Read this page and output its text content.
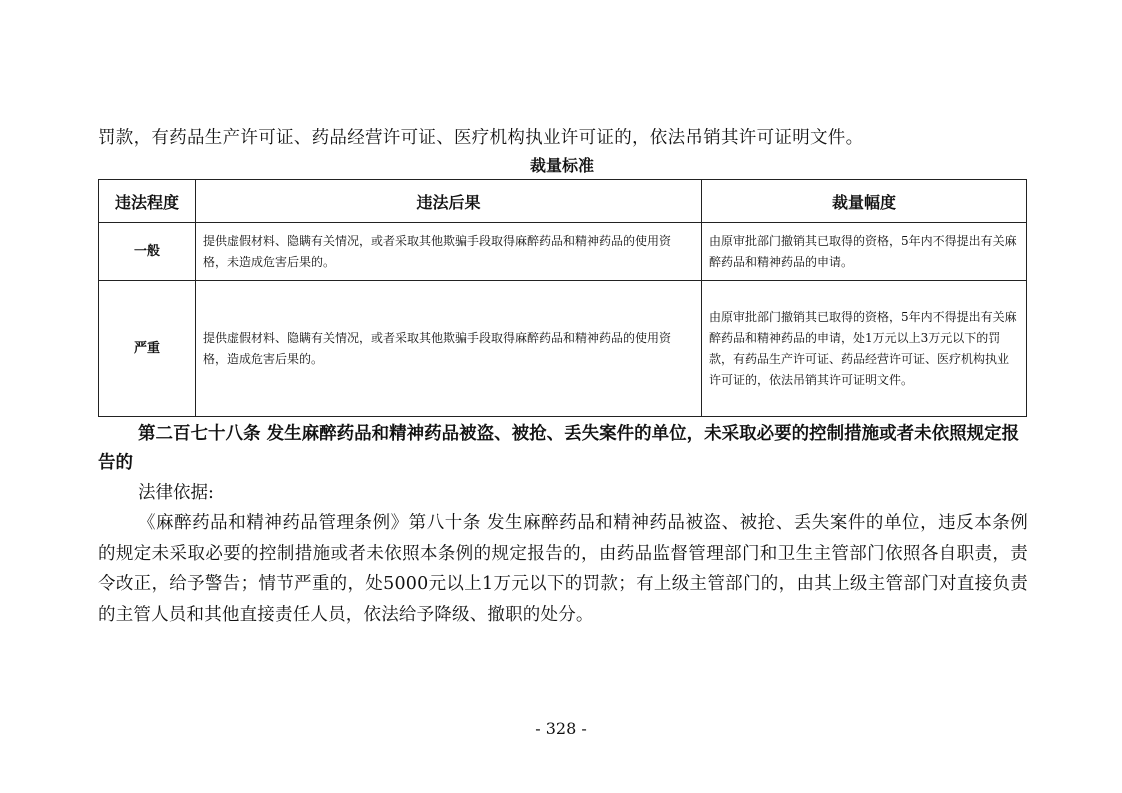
罚款，有药品生产许可证、药品经营许可证、医疗机构执业许可证的，依法吊销其许可证明文件。

裁量标准
违法程度	违法后果	裁量幅度
一般	提供虚假材料、隐瞒有关情况，或者采取其他欺骗手段取得麻醉药品和精神药品的使用资格，未造成危害后果的。	由原审批部门撤销其已取得的资格，5年内不得提出有关麻醉药品和精神药品的申请。
严重	提供虚假材料、隐瞒有关情况，或者采取其他欺骗手段取得麻醉药品和精神药品的使用资格，造成危害后果的。	由原审批部门撤销其已取得的资格，5年内不得提出有关麻醉药品和精神药品的申请，处1万元以上3万元以下的罚款，有药品生产许可证、药品经营许可证、医疗机构执业许可证的，依法吊销其许可证明文件。

第二百七十八条 发生麻醉药品和精神药品被盗、被抢、丢失案件的单位，未采取必要的控制措施或者未依照规定报告的

法律依据:

《麻醉药品和精神药品管理条例》第八十条 发生麻醉药品和精神药品被盗、被抢、丢失案件的单位，违反本条例的规定未采取必要的控制措施或者未依照本条例的规定报告的，由药品监督管理部门和卫生主管部门依照各自职责，责令改正，给予警告；情节严重的，处5000元以上1万元以下的罚款；有上级主管部门的，由其上级主管部门对直接负责的主管人员和其他直接责任人员，依法给予降级、撤职的处分。

- 328 -
